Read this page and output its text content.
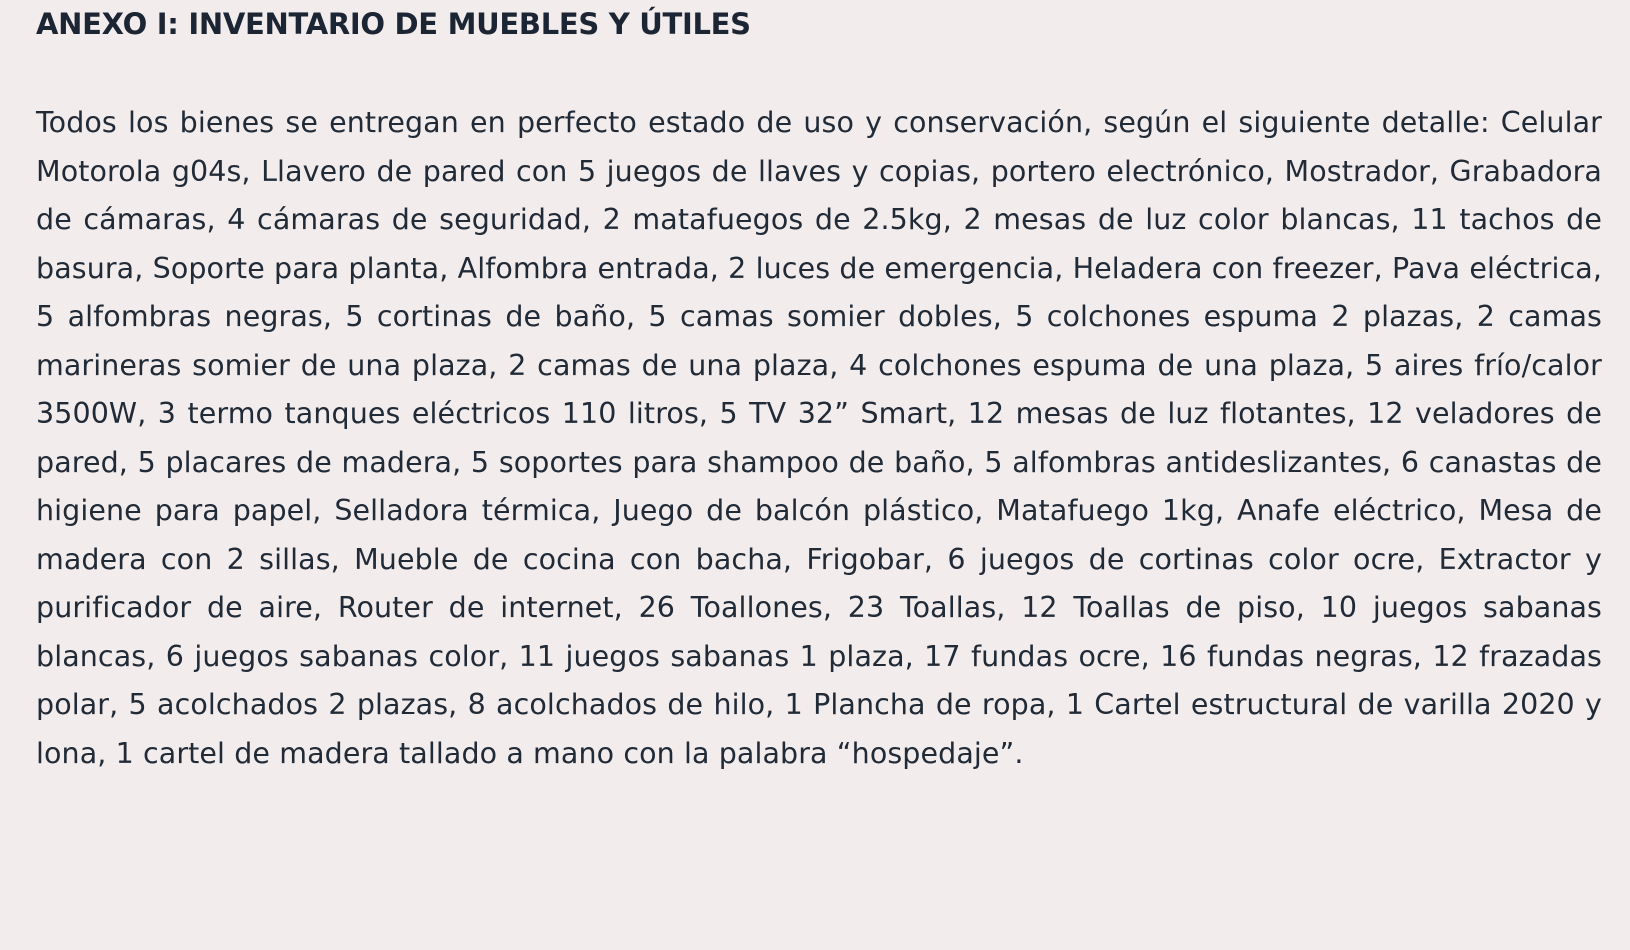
ANEXO I: INVENTARIO DE MUEBLES Y ÚTILES

Todos los bienes se entregan en perfecto estado de uso y conservación, según el siguiente detalle: Celular Motorola g04s, Llavero de pared con 5 juegos de llaves y copias, portero electrónico, Mostrador, Grabadora de cámaras, 4 cámaras de seguridad, 2 matafuegos de 2.5kg, 2 mesas de luz color blancas, 11 tachos de basura, Soporte para planta, Alfombra entrada, 2 luces de emergencia, Heladera con freezer, Pava eléctrica, 5 alfombras negras, 5 cortinas de baño, 5 camas somier dobles, 5 colchones espuma 2 plazas, 2 camas marineras somier de una plaza, 2 camas de una plaza, 4 colchones espuma de una plaza, 5 aires frío/calor 3500W, 3 termo tanques eléctricos 110 litros, 5 TV 32” Smart, 12 mesas de luz flotantes, 12 veladores de pared, 5 placares de madera, 5 soportes para shampoo de baño, 5 alfombras antideslizantes, 6 canastas de higiene para papel, Selladora térmica, Juego de balcón plástico, Matafuego 1kg, Anafe eléctrico, Mesa de madera con 2 sillas, Mueble de cocina con bacha, Frigobar, 6 juegos de cortinas color ocre, Extractor y purificador de aire, Router de internet, 26 Toallones, 23 Toallas, 12 Toallas de piso, 10 juegos sabanas blancas, 6 juegos sabanas color, 11 juegos sabanas 1 plaza, 17 fundas ocre, 16 fundas negras, 12 frazadas polar, 5 acolchados 2 plazas, 8 acolchados de hilo, 1 Plancha de ropa, 1 Cartel estructural de varilla 2020 y lona, 1 cartel de madera tallado a mano con la palabra “hospedaje”.
